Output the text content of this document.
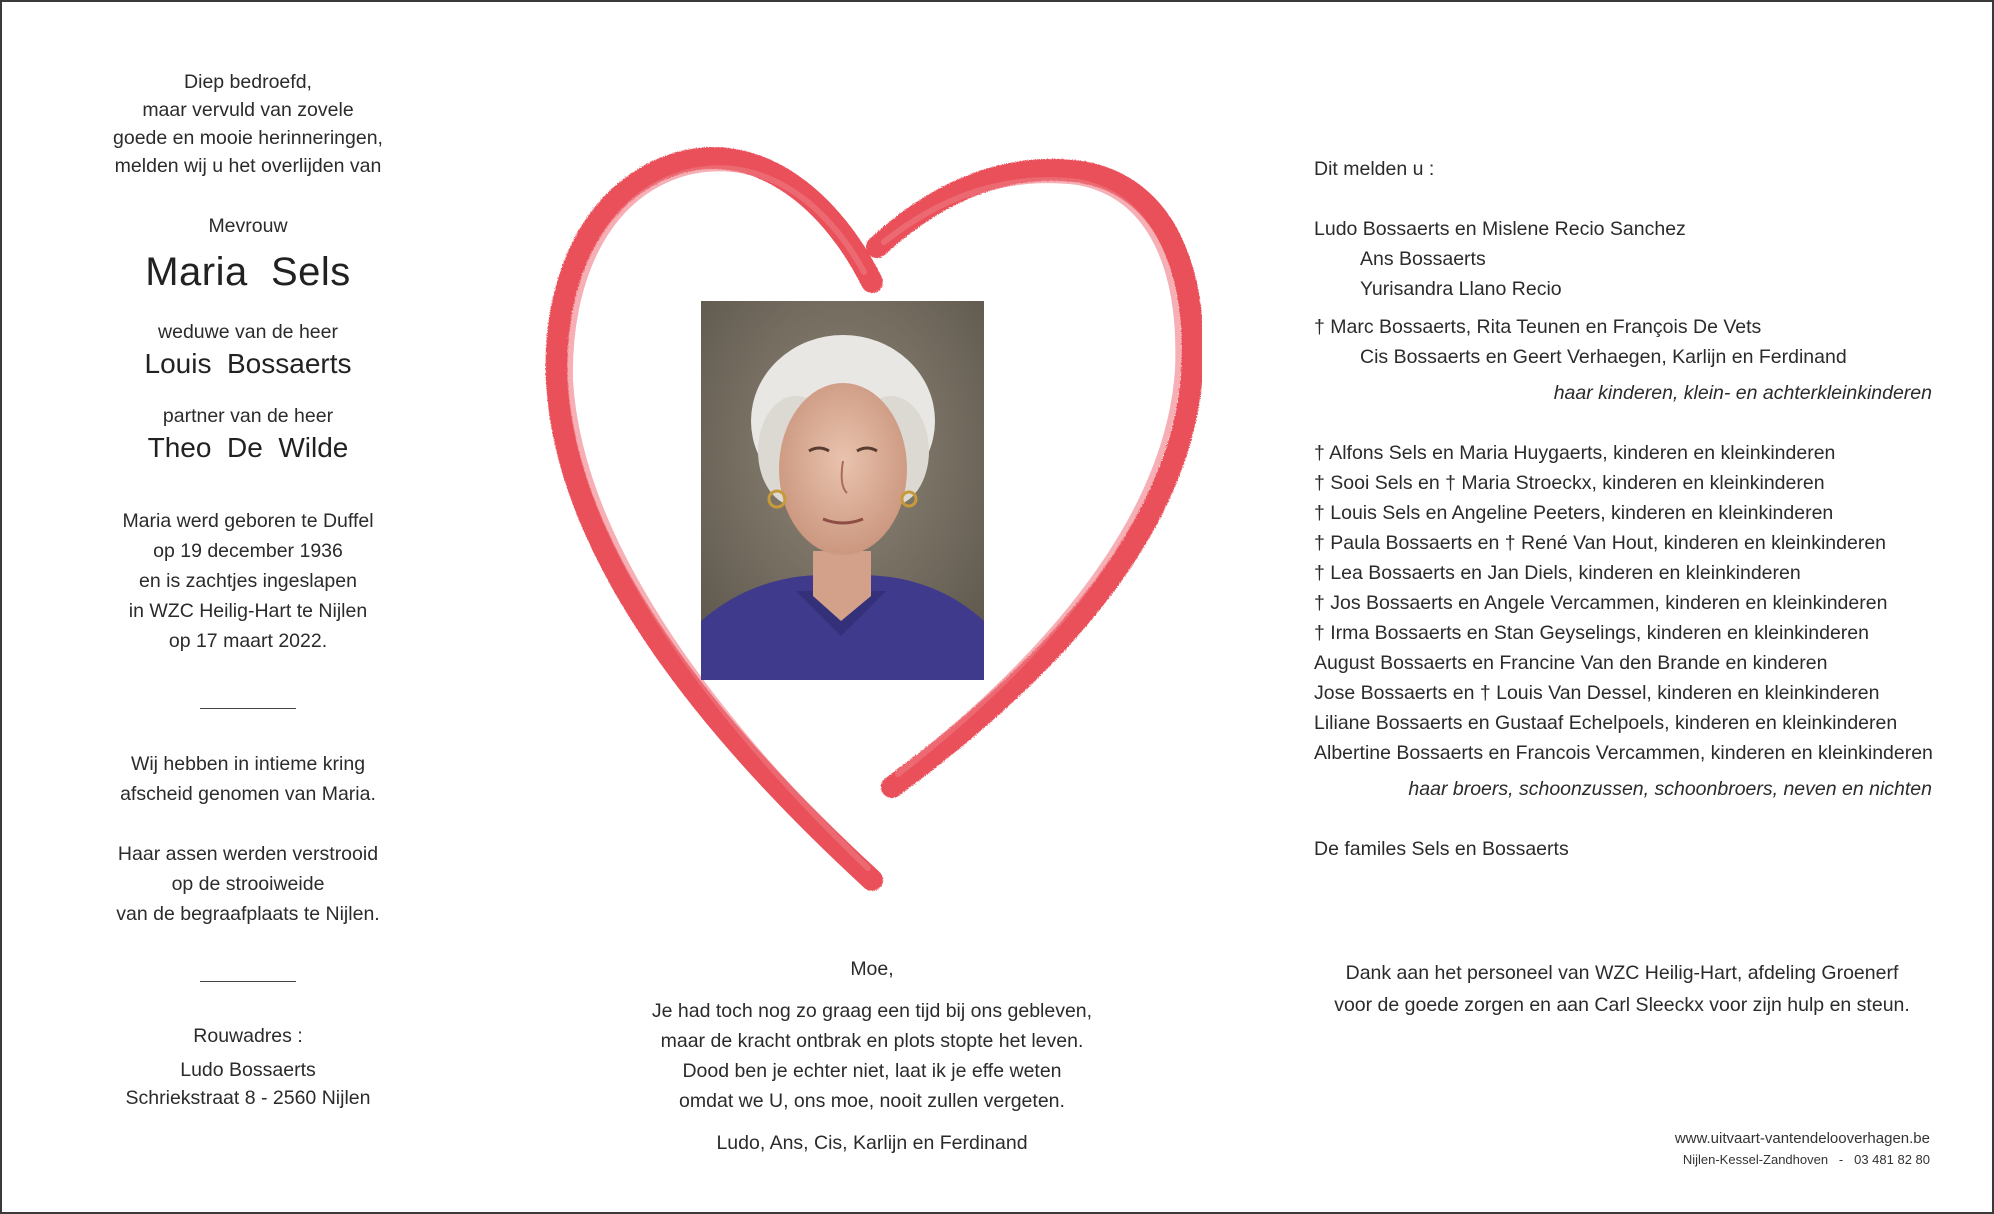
Diep bedroefd,
maar vervuld van zovele
goede en mooie herinneringen,
melden wij u het overlijden van
Mevrouw
Maria  Sels
weduwe van de heer
Louis  Bossaerts
partner van de heer
Theo  De  Wilde
Maria werd geboren te Duffel
op 19 december 1936
en is zachtjes ingeslapen
in WZC Heilig-Hart te Nijlen
op 17 maart 2022.
Wij hebben in intieme kring
afscheid genomen van Maria.
Haar assen werden verstrooid
op de strooiweide
van de begraafplaats te Nijlen.
Rouwadres :
Ludo Bossaerts
Schriekstraat 8 - 2560 Nijlen
Moe,
Je had toch nog zo graag een tijd bij ons gebleven,
maar de kracht ontbrak en plots stopte het leven.
Dood ben je echter niet, laat ik je effe weten
omdat we U, ons moe, nooit zullen vergeten.
Ludo, Ans, Cis, Karlijn en Ferdinand

Dit melden u :

Ludo Bossaerts en Mislene Recio Sanchez

Ans Bossaerts

Yurisandra Llano Recio

† Marc Bossaerts, Rita Teunen en François De Vets

Cis Bossaerts en Geert Verhaegen, Karlijn en Ferdinand

haar kinderen, klein- en achterkleinkinderen

† Alfons Sels en Maria Huygaerts, kinderen en kleinkinderen

† Sooi Sels en † Maria Stroeckx, kinderen en kleinkinderen

† Louis Sels en Angeline Peeters, kinderen en kleinkinderen

† Paula Bossaerts en † René Van Hout, kinderen en kleinkinderen

† Lea Bossaerts en Jan Diels, kinderen en kleinkinderen

† Jos Bossaerts en Angele Vercammen, kinderen en kleinkinderen

† Irma Bossaerts en Stan Geyselings, kinderen en kleinkinderen

August Bossaerts en Francine Van den Brande en kinderen

Jose Bossaerts en † Louis Van Dessel, kinderen en kleinkinderen

Liliane Bossaerts en Gustaaf Echelpoels, kinderen en kleinkinderen

Albertine Bossaerts en Francois Vercammen, kinderen en kleinkinderen

haar broers, schoonzussen, schoonbroers, neven en nichten

De familes Sels en Bossaerts

Dank aan het personeel van WZC Heilig-Hart, afdeling Groenerf
voor de goede zorgen en aan Carl Sleeckx voor zijn hulp en steun.
www.uitvaart-vantendelooverhagen.be
Nijlen-Kessel-Zandhoven   -   03 481 82 80
